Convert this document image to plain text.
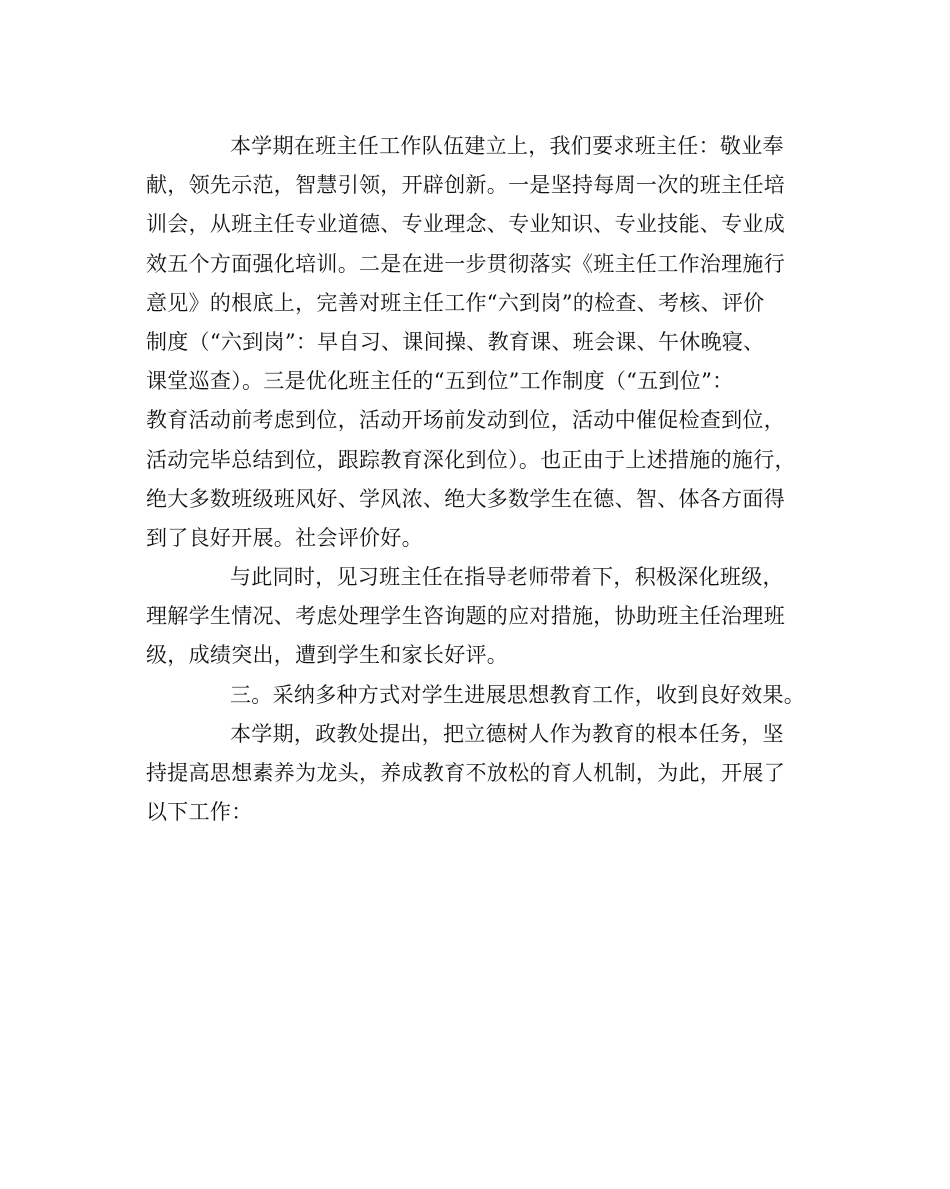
本学期在班主任工作队伍建立上，我们要求班主任：敬业奉
献，领先示范，智慧引领，开辟创新。一是坚持每周一次的班主任培
训会，从班主任专业道德、专业理念、专业知识、专业技能、专业成
效五个方面强化培训。二是在进一步贯彻落实《班主任工作治理施行
意见》的根底上，完善对班主任工作“六到岗”的检查、考核、评价
制度（“六到岗”：早自习、课间操、教育课、班会课、午休晚寝、
课堂巡查）。三是优化班主任的“五到位”工作制度（“五到位”：
教育活动前考虑到位，活动开场前发动到位，活动中催促检查到位，
活动完毕总结到位，跟踪教育深化到位）。也正由于上述措施的施行，
绝大多数班级班风好、学风浓、绝大多数学生在德、智、体各方面得
到了良好开展。社会评价好。
与此同时，见习班主任在指导老师带着下，积极深化班级，
理解学生情况、考虑处理学生咨询题的应对措施，协助班主任治理班
级，成绩突出，遭到学生和家长好评。
三。采纳多种方式对学生进展思想教育工作，收到良好效果。
本学期，政教处提出，把立德树人作为教育的根本任务，坚
持提高思想素养为龙头，养成教育不放松的育人机制，为此，开展了
以下工作：
